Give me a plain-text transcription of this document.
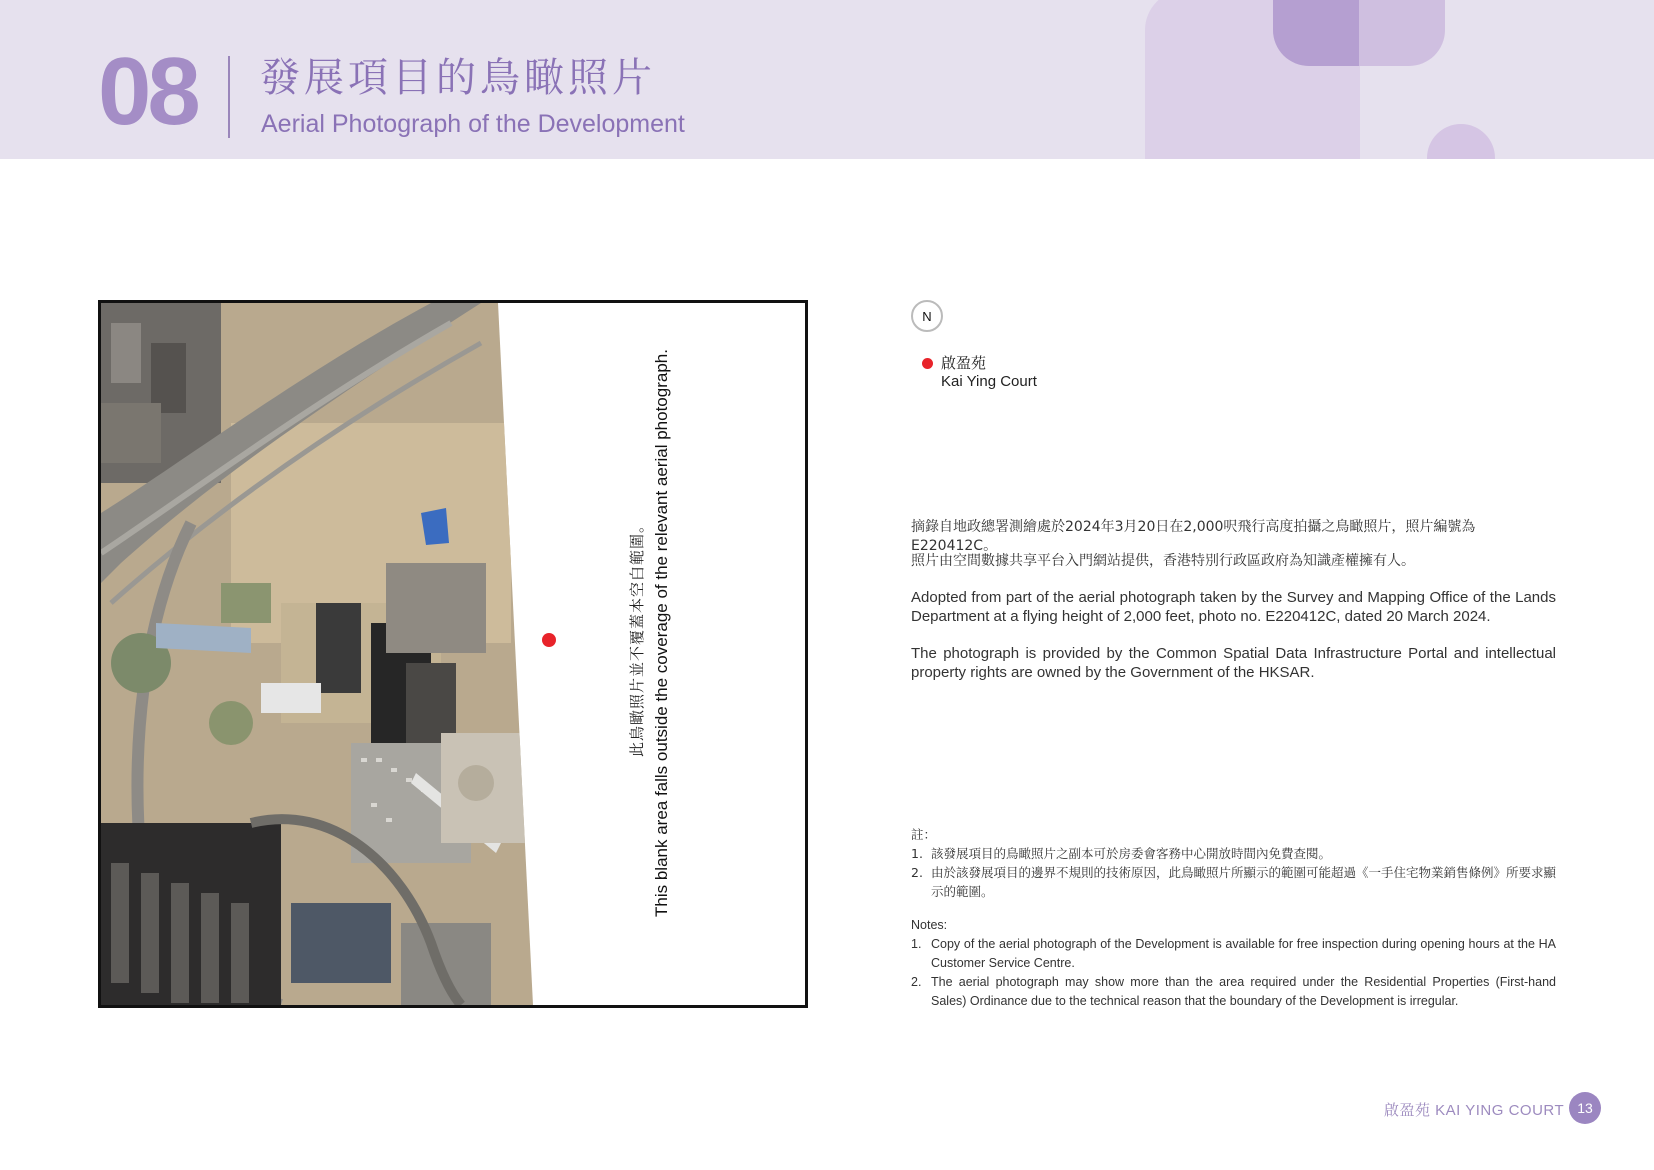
08 發展項目的鳥瞰照片
Aerial Photograph of the Development
此鳥瞰照片並不覆蓋本空白範圍。 This blank area falls outside the coverage of the relevant aerial photograph.
N
啟盈苑
Kai Ying Court
摘錄自地政總署測繪處於2024年3月20日在2,000呎飛行高度拍攝之鳥瞰照片，照片編號為E220412C。
照片由空間數據共享平台入門網站提供，香港特別行政區政府為知識產權擁有人。
Adopted from part of the aerial photograph taken by the Survey and Mapping Office of the Lands Department at a flying height of 2,000 feet, photo no. E220412C, dated 20 March 2024.
The photograph is provided by the Common Spatial Data Infrastructure Portal and intellectual property rights are owned by the Government of the HKSAR.
註：
1. 該發展項目的鳥瞰照片之副本可於房委會客務中心開放時間內免費查閱。
2. 由於該發展項目的邊界不規則的技術原因，此鳥瞰照片所顯示的範圍可能超過《一手住宅物業銷售條例》所要求顯示的範圍。
Notes:
1. Copy of the aerial photograph of the Development is available for free inspection during opening hours at the HA Customer Service Centre.
2. The aerial photograph may show more than the area required under the Residential Properties (First-hand Sales) Ordinance due to the technical reason that the boundary of the Development is irregular.
啟盈苑 KAI YING COURT 13
